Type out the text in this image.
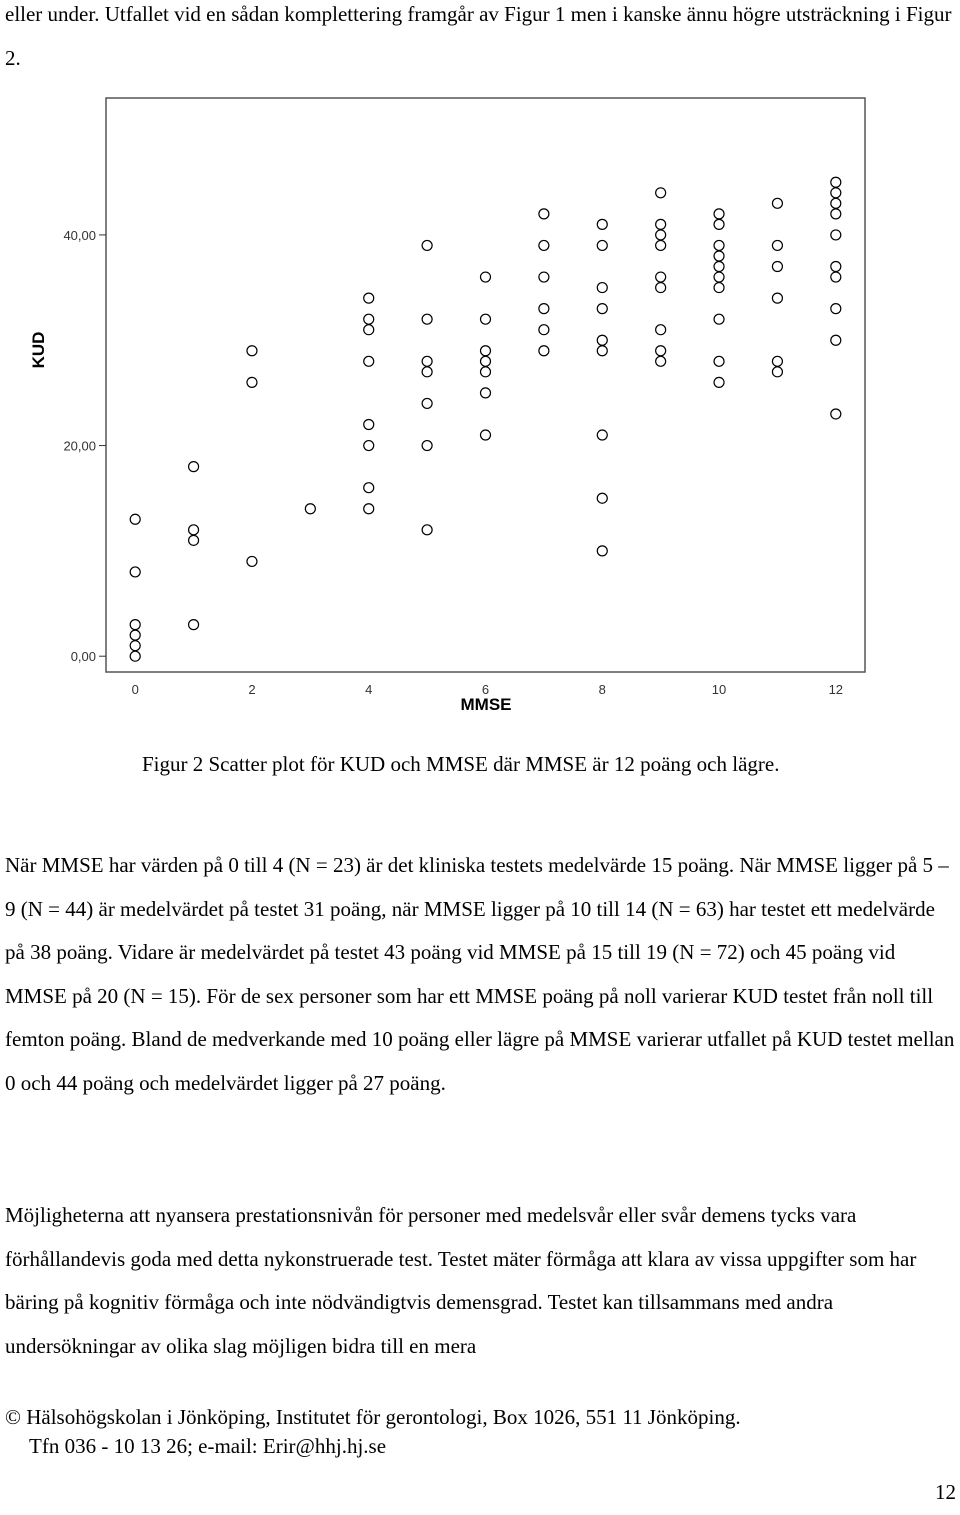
eller under. Utfallet vid en sådan komplettering framgår av Figur 1 men i kanske ännu högre utsträckning i Figur 2.

0,00
20,00
40,00
0	2	4	6	8	10	12
KUD
MMSE
Figur 2 Scatter plot för KUD och MMSE där MMSE är 12 poäng och lägre.

När MMSE har värden på 0 till 4 (N = 23) är det kliniska testets medelvärde 15 poäng. När MMSE ligger på 5 – 9 (N = 44) är medelvärdet på testet 31 poäng, när MMSE ligger på 10 till 14 (N = 63) har testet ett medelvärde på 38 poäng. Vidare är medelvärdet på testet 43 poäng vid MMSE på 15 till 19 (N = 72) och 45 poäng vid MMSE på 20 (N = 15). För de sex personer som har ett MMSE poäng på noll varierar KUD testet från noll till femton poäng. Bland de medverkande med 10 poäng eller lägre på MMSE varierar utfallet på KUD testet mellan 0 och 44 poäng och medelvärdet ligger på 27 poäng.

Möjligheterna att nyansera prestationsnivån för personer med medelsvår eller svår demens tycks vara förhållandevis goda med detta nykonstruerade test. Testet mäter förmåga att klara av vissa uppgifter som har bäring på kognitiv förmåga och inte nödvändigtvis demensgrad. Testet kan tillsammans med andra undersökningar av olika slag möjligen bidra till en mera

© Hälsohögskolan i Jönköping, Institutet för gerontologi, Box 1026, 551 11 Jönköping.
Tfn 036 - 10 13 26; e-mail: Erir@hhj.hj.se
12
